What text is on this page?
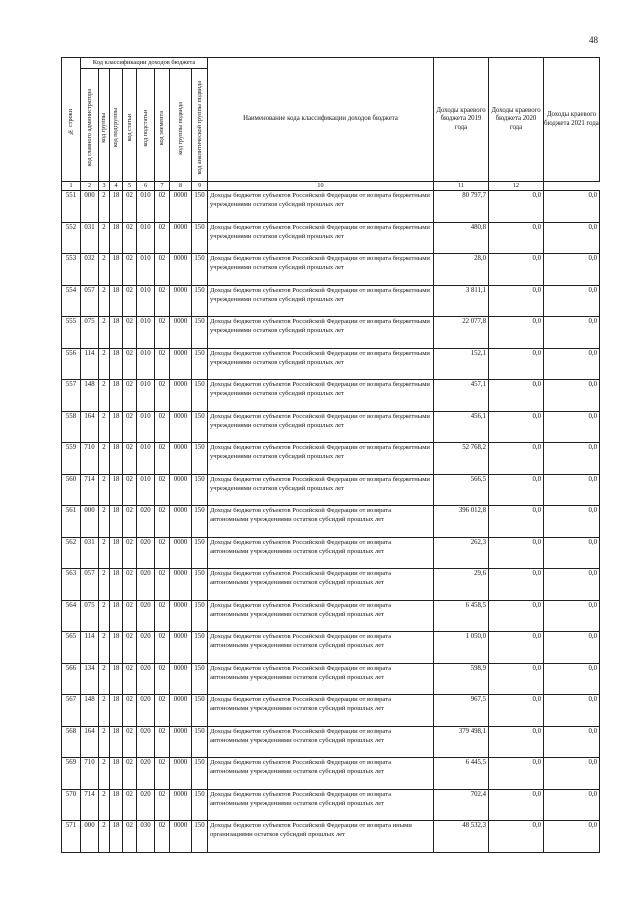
48
№ строки	Код классификации доходов бюджета								Наименование кода классификации доходов бюджета	Доходы краевого бюджета 2019 года	Доходы краевого бюджета 2020 года	Доходы краевого бюджета 2021 года

	код главного администратора	код группы	код подгруппы	код статьи	код подстатьи	код элемента	код группы подвида	код аналитической группы подвида				

1	2	3	4	5	6	7	8	9	10	11	12	
551	000	2	18	02	010	02	0000	150	Доходы бюджетов субъектов Российской Федерации от возврата бюджетными учреждениями остатков субсидий прошлых лет	80 797,7	0,0	0,0
552	031	2	18	02	010	02	0000	150	Доходы бюджетов субъектов Российской Федерации от возврата бюджетными учреждениями остатков субсидий прошлых лет	480,8	0,0	0,0
553	032	2	18	02	010	02	0000	150	Доходы бюджетов субъектов Российской Федерации от возврата бюджетными учреждениями остатков субсидий прошлых лет	28,0	0,0	0,0
554	057	2	18	02	010	02	0000	150	Доходы бюджетов субъектов Российской Федерации от возврата бюджетными учреждениями остатков субсидий прошлых лет	3 811,1	0,0	0,0
555	075	2	18	02	010	02	0000	150	Доходы бюджетов субъектов Российской Федерации от возврата бюджетными учреждениями остатков субсидий прошлых лет	22 077,8	0,0	0,0
556	114	2	18	02	010	02	0000	150	Доходы бюджетов субъектов Российской Федерации от возврата бюджетными учреждениями остатков субсидий прошлых лет	152,1	0,0	0,0
557	148	2	18	02	010	02	0000	150	Доходы бюджетов субъектов Российской Федерации от возврата бюджетными учреждениями остатков субсидий прошлых лет	457,1	0,0	0,0
558	164	2	18	02	010	02	0000	150	Доходы бюджетов субъектов Российской Федерации от возврата бюджетными учреждениями остатков субсидий прошлых лет	456,1	0,0	0,0
559	710	2	18	02	010	02	0000	150	Доходы бюджетов субъектов Российской Федерации от возврата бюджетными учреждениями остатков субсидий прошлых лет	52 768,2	0,0	0,0
560	714	2	18	02	010	02	0000	150	Доходы бюджетов субъектов Российской Федерации от возврата бюджетными учреждениями остатков субсидий прошлых лет	566,5	0,0	0,0
561	000	2	18	02	020	02	0000	150	Доходы бюджетов субъектов Российской Федерации от возврата автономными учреждениями остатков субсидий прошлых лет	396 012,8	0,0	0,0
562	031	2	18	02	020	02	0000	150	Доходы бюджетов субъектов Российской Федерации от возврата автономными учреждениями остатков субсидий прошлых лет	262,3	0,0	0,0
563	057	2	18	02	020	02	0000	150	Доходы бюджетов субъектов Российской Федерации от возврата автономными учреждениями остатков субсидий прошлых лет	29,6	0,0	0,0
564	075	2	18	02	020	02	0000	150	Доходы бюджетов субъектов Российской Федерации от возврата автономными учреждениями остатков субсидий прошлых лет	6 458,5	0,0	0,0
565	114	2	18	02	020	02	0000	150	Доходы бюджетов субъектов Российской Федерации от возврата автономными учреждениями остатков субсидий прошлых лет	1 050,0	0,0	0,0
566	134	2	18	02	020	02	0000	150	Доходы бюджетов субъектов Российской Федерации от возврата автономными учреждениями остатков субсидий прошлых лет	598,9	0,0	0,0
567	148	2	18	02	020	02	0000	150	Доходы бюджетов субъектов Российской Федерации от возврата автономными учреждениями остатков субсидий прошлых лет	967,5	0,0	0,0
568	164	2	18	02	020	02	0000	150	Доходы бюджетов субъектов Российской Федерации от возврата автономными учреждениями остатков субсидий прошлых лет	379 498,1	0,0	0,0
569	710	2	18	02	020	02	0000	150	Доходы бюджетов субъектов Российской Федерации от возврата автономными учреждениями остатков субсидий прошлых лет	6 445,5	0,0	0,0
570	714	2	18	02	020	02	0000	150	Доходы бюджетов субъектов Российской Федерации от возврата автономными учреждениями остатков субсидий прошлых лет	702,4	0,0	0,0
571	000	2	18	02	030	02	0000	150	Доходы бюджетов субъектов Российской Федерации от возврата иными организациями остатков субсидий прошлых лет	48 532,3	0,0	0,0
